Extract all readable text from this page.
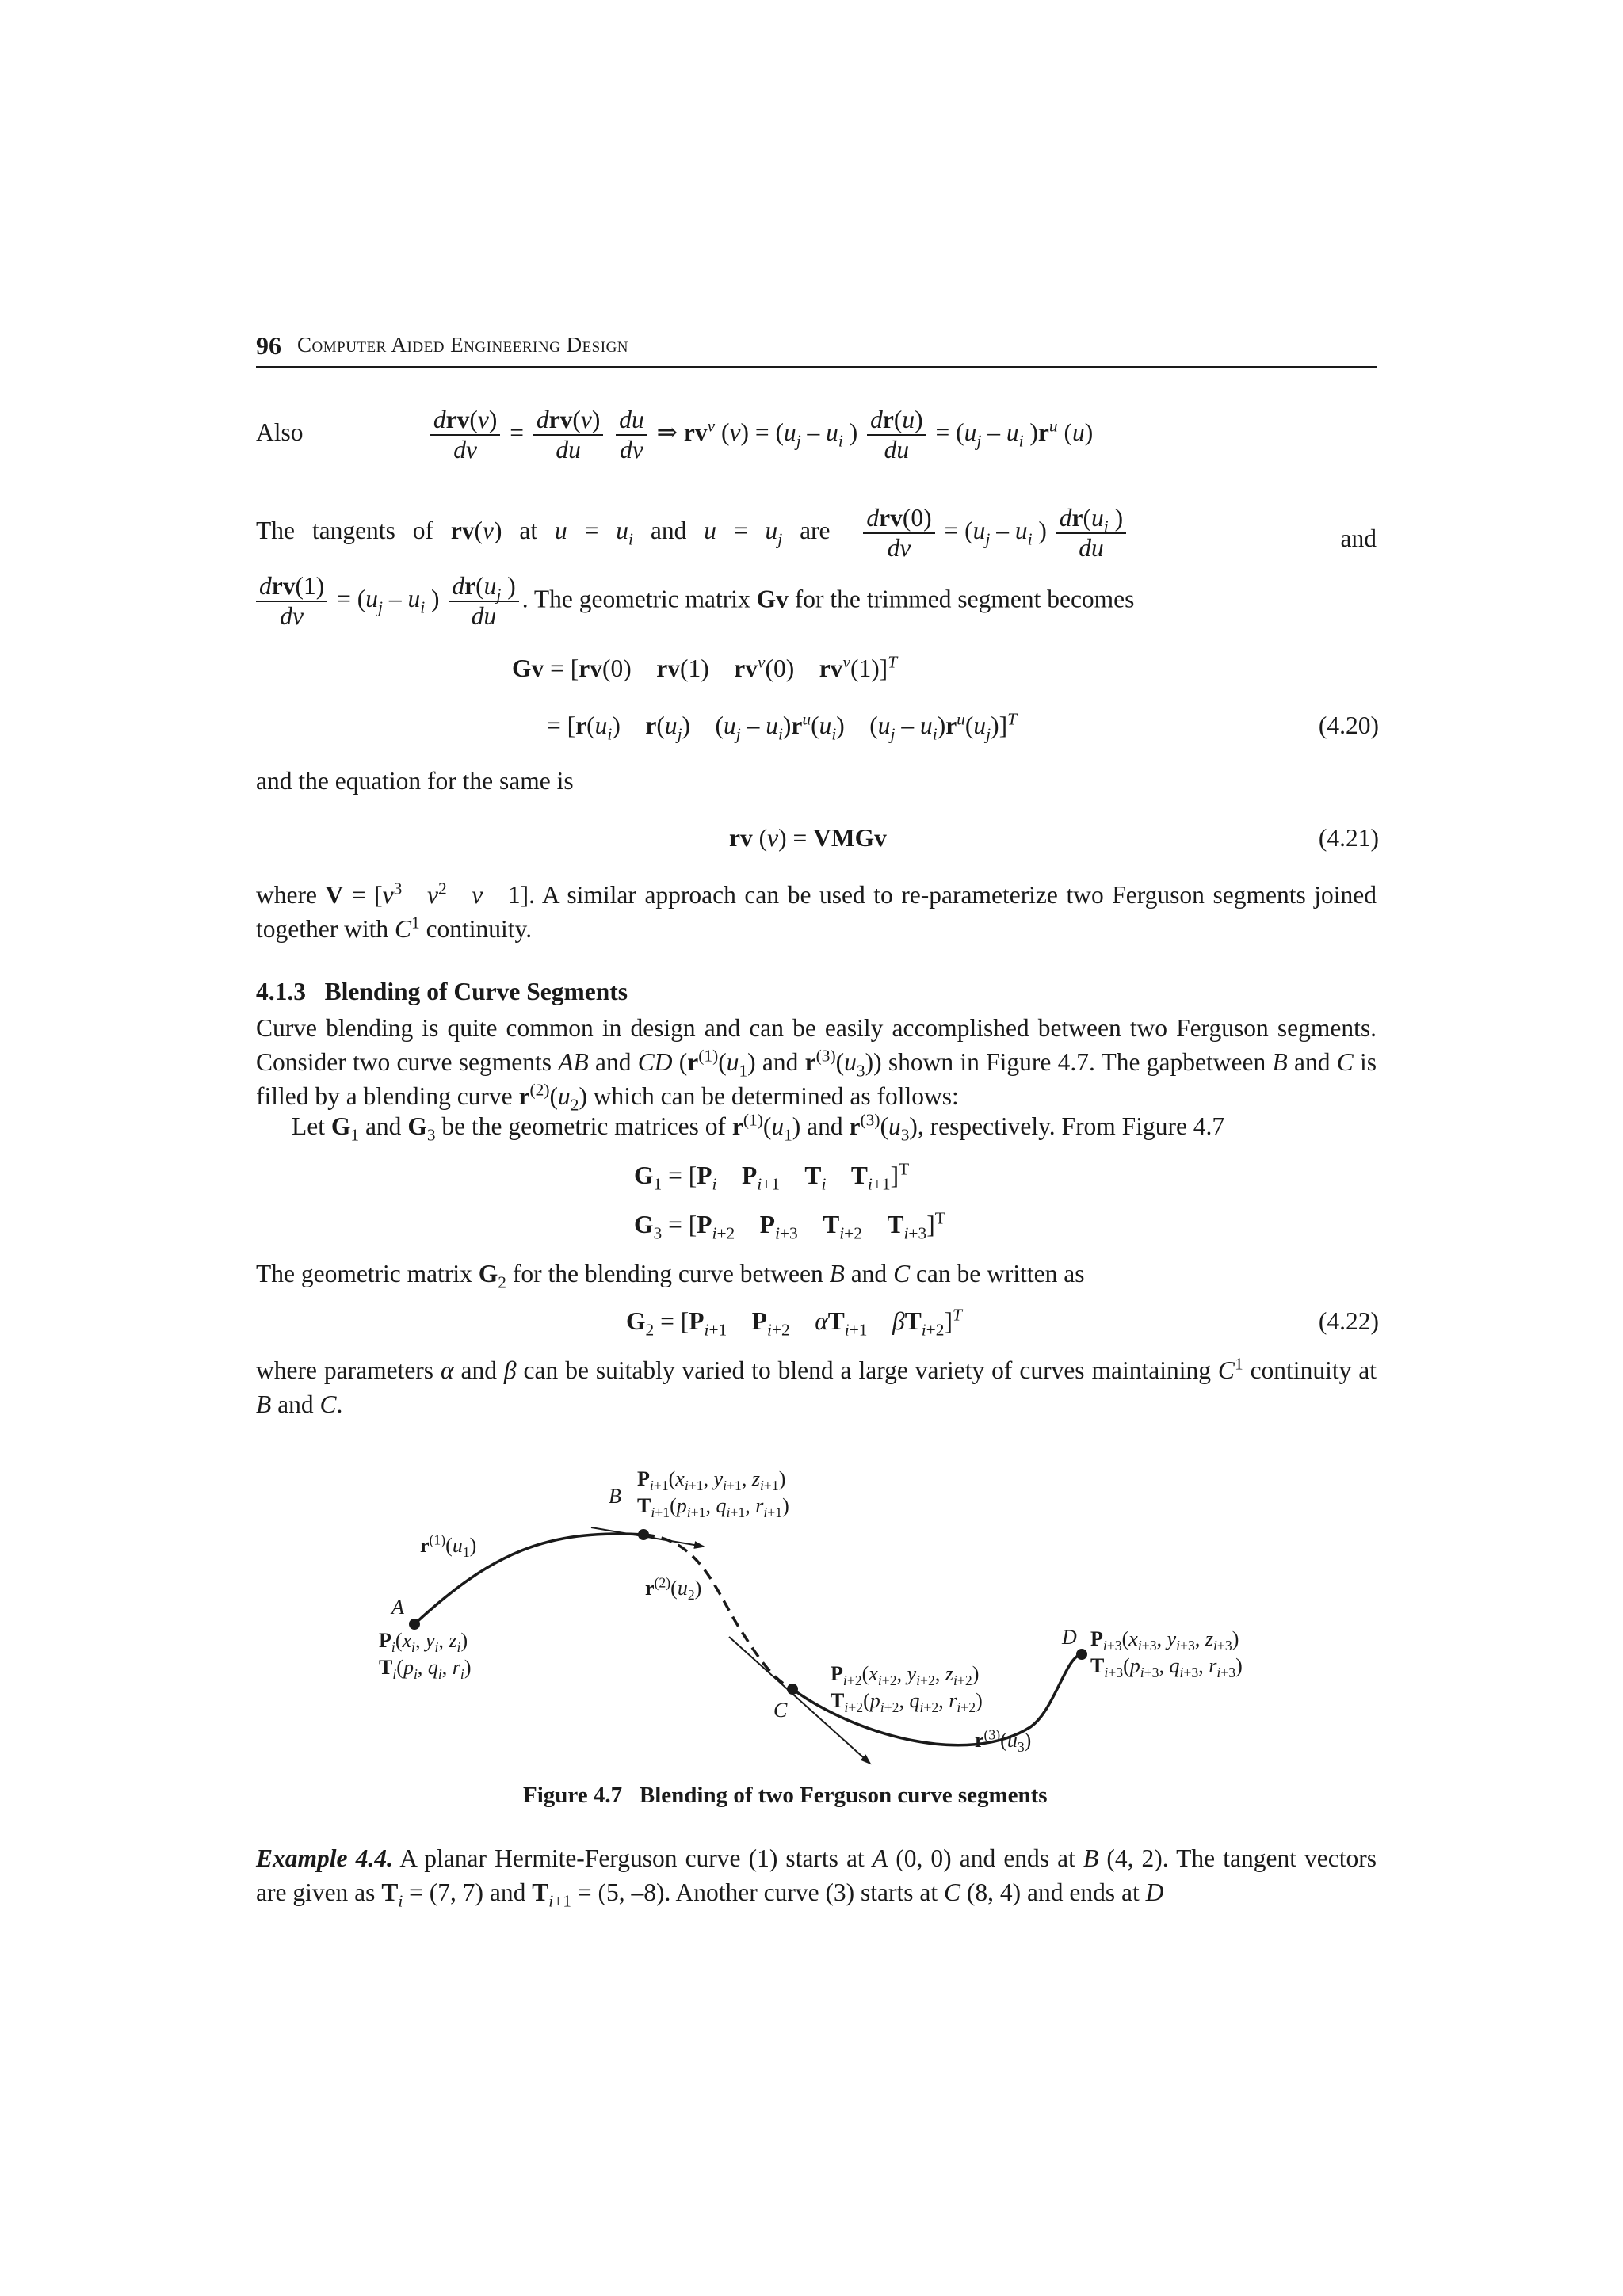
96 Computer Aided Engineering Design
Also	$\frac{\text{drv(v)}}{dv} = \frac{\text{drv(v)}}{du}$
$\frac{du}{dv}$ ⇒ $rv^v$ $(v) = (u_j - u_i$ ) $\frac{dr(u)}{du} = (u_j - u_i$ )$r^u$ (u)
The tangents of rv(v) at $u = u_i$ and $u = u_j$ are $\frac{\text{drv(0)}}{dv} = (u_j - u_i$ ) $\frac{dr(u_i )}{du}$	and
$\frac{\text{drv(1)}}{dv} = (u_j - u_i$ ) $\frac{dr(u_j )}{du}$ . The geometric matrix Gv for the trimmed segment becomes
Gv = [rv(0)    rv(1)    $rv^v(0)$    $rv^v(1)]^T$
= [$r(u_i)$    $r(u_j)$    $(u_j - u_i)r^u(u_i)$    $(u_j - u_i)r^u(u_j)]^T$	(4.20)
and the equation for the same is
rv (v) = VMGv	(4.21)
where $V = [v^3$ $v^2$ v   1]. A similar approach can be used to re-parameterize two Ferguson segments joined together with $C^1$ continuity.
4.1.3 Blending of Curve Segments
Curve blending is quite common in design and can be easily accomplished between two Ferguson segments. Consider two curve segments AB and CD ($r^{(1)}(u_1)$ and $r^{(3)}(u_3)$) shown in Figure 4.7. The gapbetween B and C is filled by a blending curve $r^{(2)}(u_2)$ which can be determined as follows:
Let $G_1$ and $G_3$ be the geometric matrices of $r^{(1)}(u_1)$ and $r^{(3)}(u_3)$, respectively. From Figure 4.7
$G_1 = [P_i$ $P_{i+1}$ $T_i$ $T_{i+1}]^T$
$G_3 = [P_{i+2}$ $P_{i+3}$ $T_{i+2}$ $T_{i+3}]^T$
The geometric matrix $G_2$ for the blending curve between B and C can be written as
$G_2 = [P_{i+1}$ $P_{i+2}$ $\alpha T_{i+1}$ $\beta T_{i+2}]^T$	(4.22)
where parameters α and β can be suitably varied to blend a large variety of curves maintaining $C^1$ continuity at B and C.
A
$P_i(x_i$, $y_i$, $z_i$)
$T_i(p_i$, $q_i$, $r_i$)
$r^{(1)}(u_1)$
B
$P_{i+1}(x_{i+1}$, $y_{i+1}$, $z_{i+1}$)
$T_{i+1}(p_{i+1}$, $q_{i+1}$, $r_{i+1}$)
$r^{(2)}(u_2)$
C
$P_{i+2}(x_{i+2}$, $y_{i+2}$, $z_{i+2}$)
$T_{i+2}(p_{i+2}$, $q_{i+2}$, $r_{i+2}$)
$r^{(3)}(u_3)$
D $P_{i+3}(x_{i+3}$, $y_{i+3}$, $z_{i+3}$)
$T_{i+3}(p_{i+3}$, $q_{i+3}$, $r_{i+3}$)
Figure 4.7 Blending of two Ferguson curve segments
Example 4.4. A planar Hermite-Ferguson curve (1) starts at A (0, 0) and ends at B (4, 2). The tangent vectors are given as $T_i = (7$, 7) and $T_{i+1} = (5$, –8). Another curve (3) starts at C (8, 4) and ends at D
